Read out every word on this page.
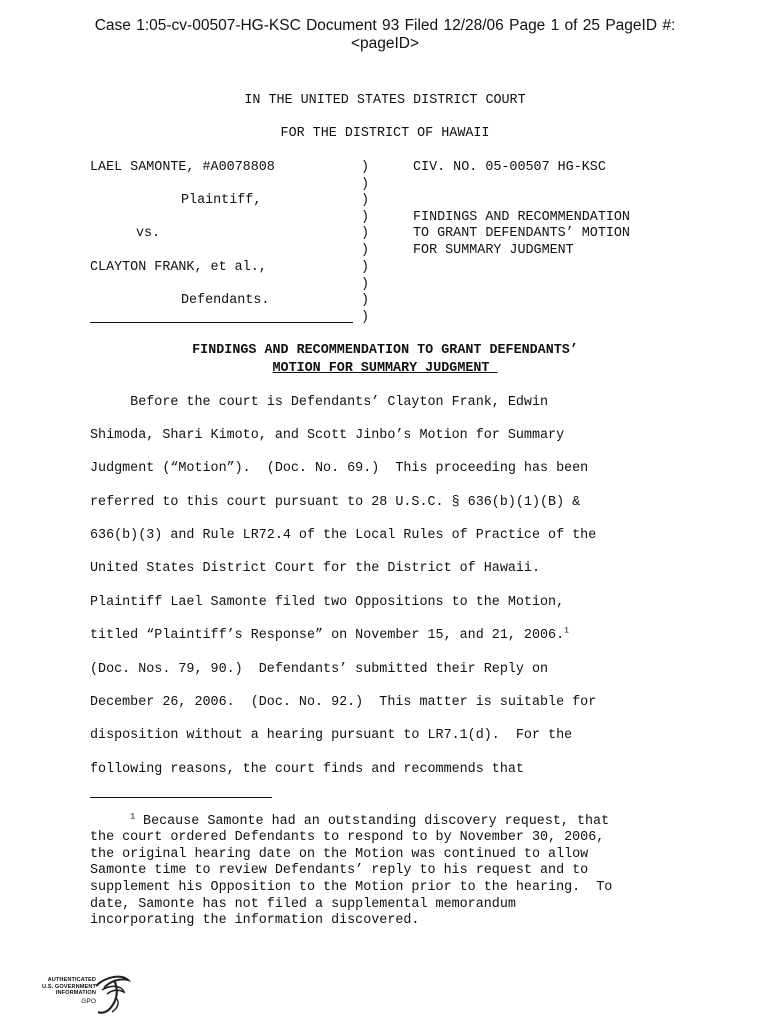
Case 1:05-cv-00507-HG-KSC Document 93 Filed 12/28/06 Page 1 of 25 PageID #:
<pageID>
IN THE UNITED STATES DISTRICT COURT
FOR THE DISTRICT OF HAWAII
LAEL SAMONTE, #A0078808
Plaintiff,
vs.
CLAYTON FRANK, et al.,
Defendants.
)
)
)
)
)
)
)
)
)
)
CIV. NO. 05-00507 HG-KSC
FINDINGS AND RECOMMENDATION
TO GRANT DEFENDANTS’ MOTION
FOR SUMMARY JUDGMENT
FINDINGS AND RECOMMENDATION TO GRANT DEFENDANTS’
MOTION FOR SUMMARY JUDGMENT
Before the court is Defendants’ Clayton Frank, Edwin
Shimoda, Shari Kimoto, and Scott Jinbo’s Motion for Summary
Judgment (“Motion”).  (Doc. No. 69.)  This proceeding has been
referred to this court pursuant to 28 U.S.C. § 636(b)(1)(B) &
636(b)(3) and Rule LR72.4 of the Local Rules of Practice of the
United States District Court for the District of Hawaii.
Plaintiff Lael Samonte filed two Oppositions to the Motion,
titled “Plaintiff’s Response” on November 15, and 21, 2006.$^1$
(Doc. Nos. 79, 90.)  Defendants’ submitted their Reply on
December 26, 2006.  (Doc. No. 92.)  This matter is suitable for
disposition without a hearing pursuant to LR7.1(d).  For the
following reasons, the court finds and recommends that
$^1$ Because Samonte had an outstanding discovery request, that
the court ordered Defendants to respond to by November 30, 2006,
the original hearing date on the Motion was continued to allow
Samonte time to review Defendants’ reply to his request and to
supplement his Opposition to the Motion prior to the hearing.  To
date, Samonte has not filed a supplemental memorandum
incorporating the information discovered.
AUTHENTICATED
U.S. GOVERNMENT
INFORMATION
GPO
